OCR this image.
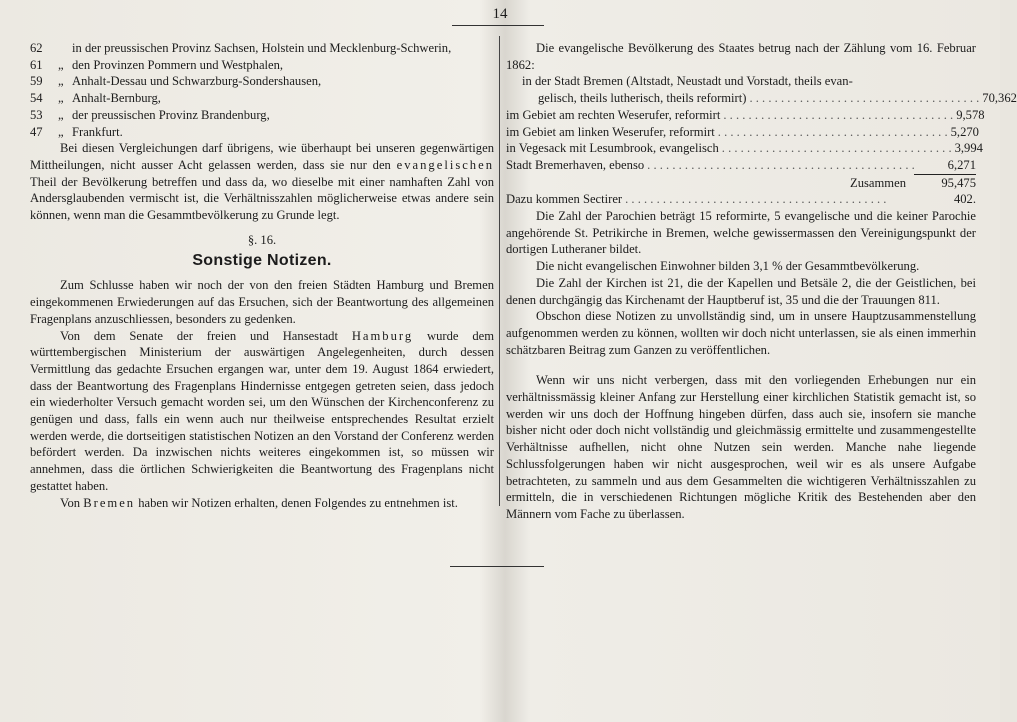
14
62 in der preussischen Provinz Sachsen, Holstein und Mecklenburg-Schwerin,
61 „ den Provinzen Pommern und Westphalen,
59 „ Anhalt-Dessau und Schwarzburg-Sondershausen,
54 „ Anhalt-Bernburg,
53 „ der preussischen Provinz Brandenburg,
47 „ Frankfurt.

Bei diesen Vergleichungen darf übrigens, wie überhaupt bei unseren gegenwärtigen Mittheilungen, nicht ausser Acht gelassen werden, dass sie nur den evangelischen Theil der Bevölkerung betreffen und dass da, wo dieselbe mit einer namhaften Zahl von Andersglaubenden vermischt ist, die Verhältnisszahlen möglicherweise etwas andere sein können, wenn man die Gesammtbevölkerung zu Grunde legt.

§. 16.
Sonstige Notizen.

Zum Schlusse haben wir noch der von den freien Städten Hamburg und Bremen eingekommenen Erwiederungen auf das Ersuchen, sich der Beantwortung des allgemeinen Fragenplans anzuschliessen, besonders zu gedenken.

Von dem Senate der freien und Hansestadt Hamburg wurde dem württembergischen Ministerium der auswärtigen Angelegenheiten, durch dessen Vermittlung das gedachte Ersuchen ergangen war, unter dem 19. August 1864 erwiedert, dass der Beantwortung des Fragenplans Hindernisse entgegen getreten seien, dass jedoch ein wiederholter Versuch gemacht worden sei, um den Wünschen der Kirchenconferenz zu genügen und dass, falls ein wenn auch nur theilweise entsprechendes Resultat erzielt werden werde, die dortseitigen statistischen Notizen an den Vorstand der Conferenz werden befördert werden. Da inzwischen nichts weiteres eingekommen ist, so müssen wir annehmen, dass die örtlichen Schwierigkeiten die Beantwortung des Fragenplans nicht gestattet haben.

Von Bremen haben wir Notizen erhalten, denen Folgendes zu entnehmen ist.

Die evangelische Bevölkerung des Staates betrug nach der Zählung vom 16. Februar 1862:

in der Stadt Bremen (Altstadt, Neustadt und Vorstadt, theils evan-
gelisch, theils lutherisch, theils reformirt) . . . . . . . . . . . . . . . . . . . . . . . . . . . . . . . . . . . . . 70,362
im Gebiet am rechten Weserufer, reformirt . . . . . . . . . . . . . . . . . . . . . . . . . . . . . . . . . . . . . 9,578
im Gebiet am linken Weserufer, reformirt . . . . . . . . . . . . . . . . . . . . . . . . . . . . . . . . . . . . . 5,270
in Vegesack mit Lesumbrook, evangelisch . . . . . . . . . . . . . . . . . . . . . . . . . . . . . . . . . . . . . 3,994
Stadt Bremerhaven, ebenso . . . . . . . . . . . . . . . . . . . . . . . . . . . . . . . . . . . . . . . . . . .	6,271
Zusammen	95,475
Dazu kommen Sectirer . . . . . . . . . . . . . . . . . . . . . . . . . . . . . . . . . . . . . . . . . .	402.

Die Zahl der Parochien beträgt 15 reformirte, 5 evangelische und die keiner Parochie angehörende St. Petrikirche in Bremen, welche gewissermassen den Vereinigungspunkt der dortigen Lutheraner bildet.

Die nicht evangelischen Einwohner bilden 3,1 % der Gesammtbevölkerung.

Die Zahl der Kirchen ist 21, die der Kapellen und Betsäle 2, die der Geistlichen, bei denen durchgängig das Kirchenamt der Hauptberuf ist, 35 und die der Trauungen 811.

Obschon diese Notizen zu unvollständig sind, um in unsere Hauptzusammenstellung aufgenommen werden zu können, wollten wir doch nicht unterlassen, sie als einen immerhin schätzbaren Beitrag zum Ganzen zu veröffentlichen.

Wenn wir uns nicht verbergen, dass mit den vorliegenden Erhebungen nur ein verhältnissmässig kleiner Anfang zur Herstellung einer kirchlichen Statistik gemacht ist, so werden wir uns doch der Hoffnung hingeben dürfen, dass auch sie, insofern sie manche bisher nicht oder doch nicht vollständig und gleichmässig ermittelte und zusammengestellte Verhältnisse aufhellen, nicht ohne Nutzen sein werden. Manche nahe liegende Schlussfolgerungen haben wir nicht ausgesprochen, weil wir es als unsere Aufgabe betrachteten, zu sammeln und aus dem Gesammelten die wichtigeren Verhältnisszahlen zu ermitteln, die in verschiedenen Richtungen mögliche Kritik des Bestehenden aber den Männern vom Fache zu überlassen.
